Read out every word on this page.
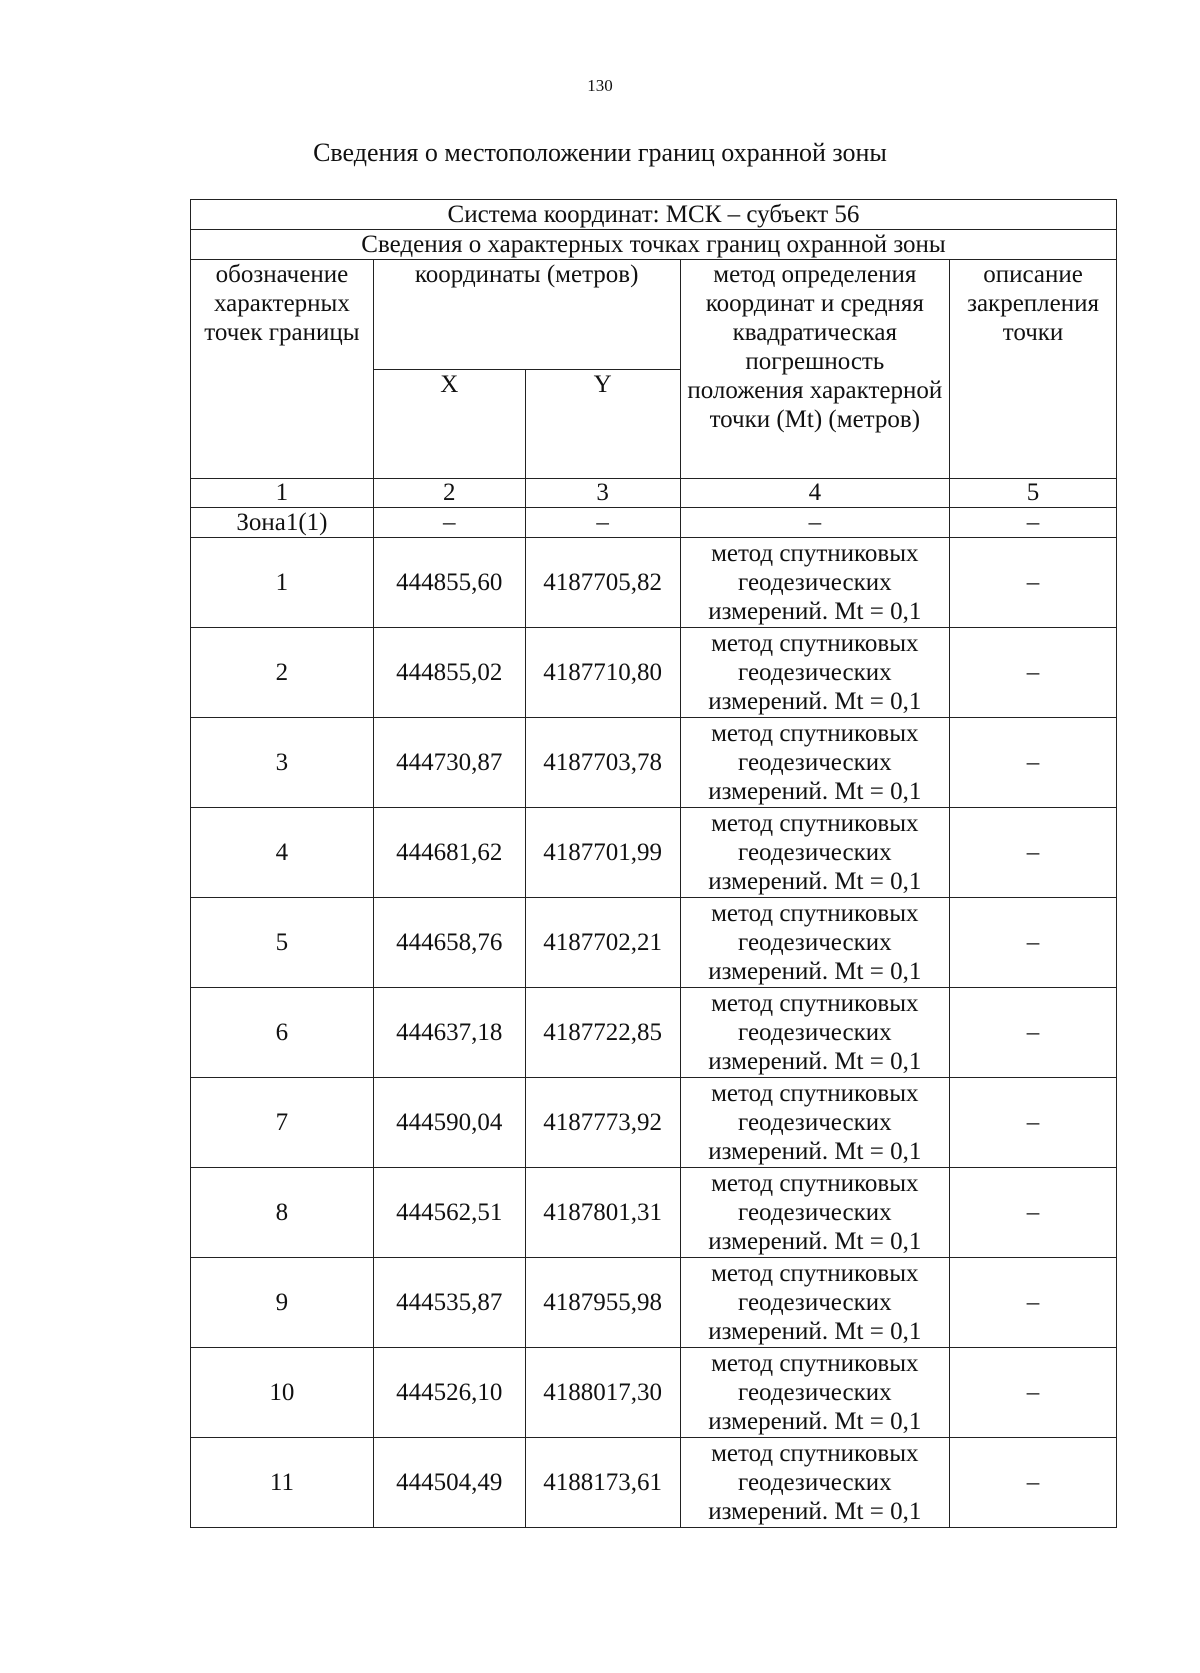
130
Сведения о местоположении границ охранной зоны
Система координат: МСК – субъект 56				
Сведения о характерных точках границ охранной зоны				
обозначение характерных точек границы	координаты (метров)		метод определения координат и средняя квадратическая погрешность положения характерной точки (Mt) (метров)	описание закрепления точки
	X	Y		
1	2	3	4	5
Зона1(1)	–	–	–	–
1	444855,60	4187705,82	метод спутниковых геодезических измерений. Mt = 0,1	–
2	444855,02	4187710,80	метод спутниковых геодезических измерений. Mt = 0,1	–
3	444730,87	4187703,78	метод спутниковых геодезических измерений. Mt = 0,1	–
4	444681,62	4187701,99	метод спутниковых геодезических измерений. Mt = 0,1	–
5	444658,76	4187702,21	метод спутниковых геодезических измерений. Mt = 0,1	–
6	444637,18	4187722,85	метод спутниковых геодезических измерений. Mt = 0,1	–
7	444590,04	4187773,92	метод спутниковых геодезических измерений. Mt = 0,1	–
8	444562,51	4187801,31	метод спутниковых геодезических измерений. Mt = 0,1	–
9	444535,87	4187955,98	метод спутниковых геодезических измерений. Mt = 0,1	–
10	444526,10	4188017,30	метод спутниковых геодезических измерений. Mt = 0,1	–
11	444504,49	4188173,61	метод спутниковых геодезических измерений. Mt = 0,1	–
